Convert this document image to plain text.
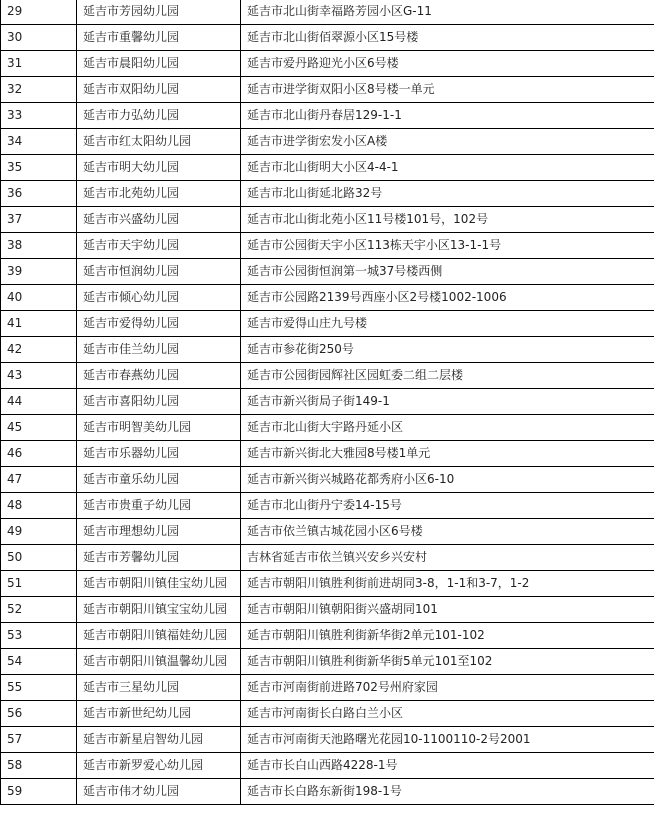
29	延吉市芳园幼儿园	延吉市北山街幸福路芳园小区G-11
30	延吉市重馨幼儿园	延吉市北山街佰翠源小区15号楼
31	延吉市晨阳幼儿园	延吉市爱丹路迎光小区6号楼
32	延吉市双阳幼儿园	延吉市进学街双阳小区8号楼一单元
33	延吉市力弘幼儿园	延吉市北山街丹春居129-1-1
34	延吉市红太阳幼儿园	延吉市进学街宏发小区A楼
35	延吉市明大幼儿园	延吉市北山街明大小区4-4-1
36	延吉市北苑幼儿园	延吉市北山街延北路32号
37	延吉市兴盛幼儿园	延吉市北山街北苑小区11号楼101号，102号
38	延吉市天宇幼儿园	延吉市公园街天宇小区113栋天宇小区13-1-1号
39	延吉市恒润幼儿园	延吉市公园街恒润第一城37号楼西侧
40	延吉市倾心幼儿园	延吉市公园路2139号西座小区2号楼1002-1006
41	延吉市爱得幼儿园	延吉市爱得山庄九号楼
42	延吉市佳兰幼儿园	延吉市参花街250号
43	延吉市春燕幼儿园	延吉市公园街园辉社区园虹委二组二层楼
44	延吉市喜阳幼儿园	延吉市新兴街局子街149-1
45	延吉市明智美幼儿园	延吉市北山街大宇路丹延小区
46	延吉市乐器幼儿园	延吉市新兴街北大雅园8号楼1单元
47	延吉市童乐幼儿园	延吉市新兴街兴城路花都秀府小区6-10
48	延吉市贵重子幼儿园	延吉市北山街丹宁委14-15号
49	延吉市理想幼儿园	延吉市依兰镇古城花园小区6号楼
50	延吉市芳馨幼儿园	吉林省延吉市依兰镇兴安乡兴安村
51	延吉市朝阳川镇佳宝幼儿园	延吉市朝阳川镇胜利街前进胡同3-8，1-1和3-7，1-2
52	延吉市朝阳川镇宝宝幼儿园	延吉市朝阳川镇朝阳街兴盛胡同101
53	延吉市朝阳川镇福娃幼儿园	延吉市朝阳川镇胜利街新华街2单元101-102
54	延吉市朝阳川镇温馨幼儿园	延吉市朝阳川镇胜利街新华街5单元101至102
55	延吉市三星幼儿园	延吉市河南街前进路702号州府家园
56	延吉市新世纪幼儿园	延吉市河南街长白路白兰小区
57	延吉市新星启智幼儿园	延吉市河南街天池路曙光花园10-1100110-2号2001
58	延吉市新罗爱心幼儿园	延吉市长白山西路4228-1号
59	延吉市伟才幼儿园	延吉市长白路东新街198-1号
